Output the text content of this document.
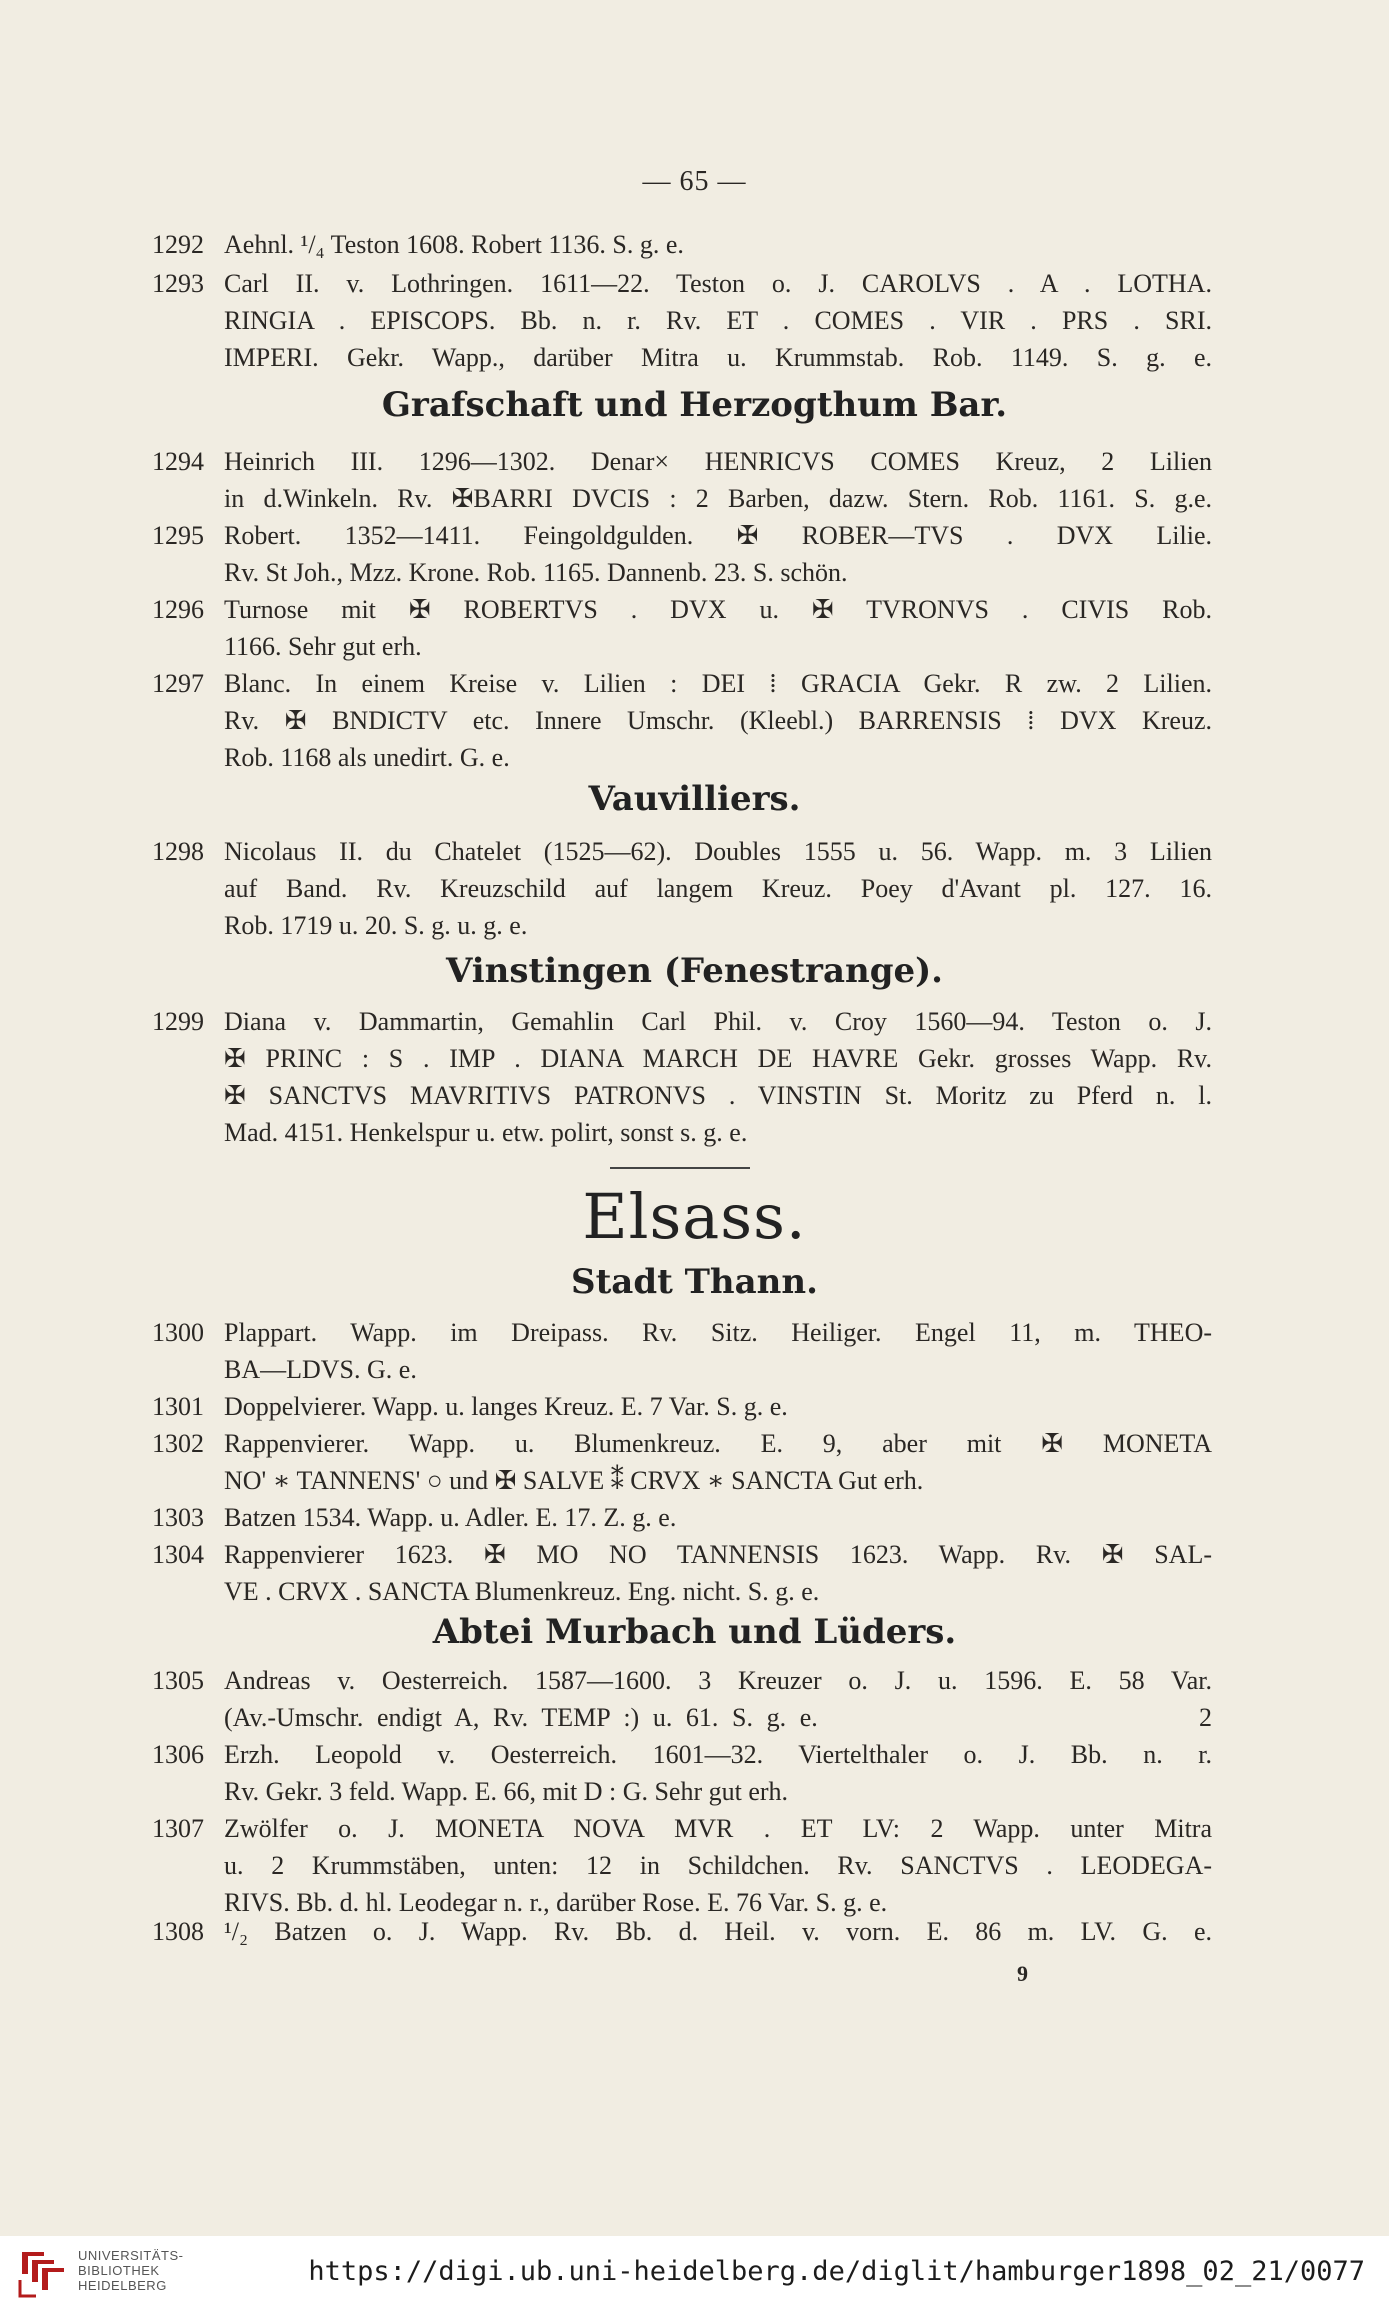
— 65 —
1292 Aehnl. ¹/₄ Teston 1608. Robert 1136. S. g. e.
1293 Carl II. v. Lothringen. 1611—22. Teston o. J. CAROLVS . A . LOTHA.
RINGIA . EPISCOPS. Bb. n. r. Rv. ET . COMES . VIR . PRS . SRI.
IMPERI. Gekr. Wapp., darüber Mitra u. Krummstab. Rob. 1149. S. g. e.
Grafschaft und Herzogthum Bar.
1294 Heinrich III. 1296—1302. Denar× HENRICVS COMES Kreuz, 2 Lilien
in d.Winkeln. Rv. ✠BARRI DVCIS : 2 Barben, dazw. Stern. Rob. 1161. S. g.e.
1295 Robert. 1352—1411. Feingoldgulden. ✠ ROBER—TVS . DVX Lilie.
Rv. St Joh., Mzz. Krone. Rob. 1165. Dannenb. 23. S. schön.
1296 Turnose mit ✠ ROBERTVS . DVX u. ✠ TVRONVS . CIVIS Rob.
1166. Sehr gut erh.
1297 Blanc. In einem Kreise v. Lilien : DEI ⁞ GRACIA Gekr. R zw. 2 Lilien.
Rv. ✠ BNDICTV etc. Innere Umschr. (Kleebl.) BARRENSIS ⁞ DVX Kreuz.
Rob. 1168 als unedirt. G. e.
Vauvilliers.
1298 Nicolaus II. du Chatelet (1525—62). Doubles 1555 u. 56. Wapp. m. 3 Lilien
auf Band. Rv. Kreuzschild auf langem Kreuz. Poey d'Avant pl. 127. 16.
Rob. 1719 u. 20. S. g. u. g. e.
Vinstingen (Fenestrange).
1299 Diana v. Dammartin, Gemahlin Carl Phil. v. Croy 1560—94. Teston o. J.
✠ PRINC : S . IMP . DIANA MARCH DE HAVRE Gekr. grosses Wapp. Rv.
✠ SANCTVS MAVRITIVS PATRONVS . VINSTIN St. Moritz zu Pferd n. l.
Mad. 4151. Henkelspur u. etw. polirt, sonst s. g. e.
Elsass.
Stadt Thann.
1300 Plappart. Wapp. im Dreipass. Rv. Sitz. Heiliger. Engel 11, m. THEO-
BA—LDVS. G. e.
1301 Doppelvierer. Wapp. u. langes Kreuz. E. 7 Var. S. g. e.
1302 Rappenvierer. Wapp. u. Blumenkreuz. E. 9, aber mit ✠ MONETA
NO' ∗ TANNENS' ○ und ✠ SALVE ⁑ CRVX ∗ SANCTA Gut erh.
1303 Batzen 1534. Wapp. u. Adler. E. 17. Z. g. e.
1304 Rappenvierer 1623. ✠ MO NO TANNENSIS 1623. Wapp. Rv. ✠ SAL-
VE . CRVX . SANCTA Blumenkreuz. Eng. nicht. S. g. e.
Abtei Murbach und Lüders.
1305 Andreas v. Oesterreich. 1587—1600. 3 Kreuzer o. J. u. 1596. E. 58 Var.
(Av.-Umschr. endigt A, Rv. TEMP :) u. 61. S. g. e.                            2
1306 Erzh. Leopold v. Oesterreich. 1601—32. Viertelthaler o. J. Bb. n. r.
Rv. Gekr. 3 feld. Wapp. E. 66, mit D : G. Sehr gut erh.
1307 Zwölfer o. J. MONETA NOVA MVR . ET LV: 2 Wapp. unter Mitra
u. 2 Krummstäben, unten: 12 in Schildchen. Rv. SANCTVS . LEODEGA-
RIVS. Bb. d. hl. Leodegar n. r., darüber Rose. E. 76 Var. S. g. e.
1308 ¹/₂ Batzen o. J. Wapp. Rv. Bb. d. Heil. v. vorn. E. 86 m. LV. G. e.
9
UNIVERSITÄTS-
BIBLIOTHEK
HEIDELBERG	https://digi.ub.uni-heidelberg.de/diglit/hamburger1898_02_21/0077
